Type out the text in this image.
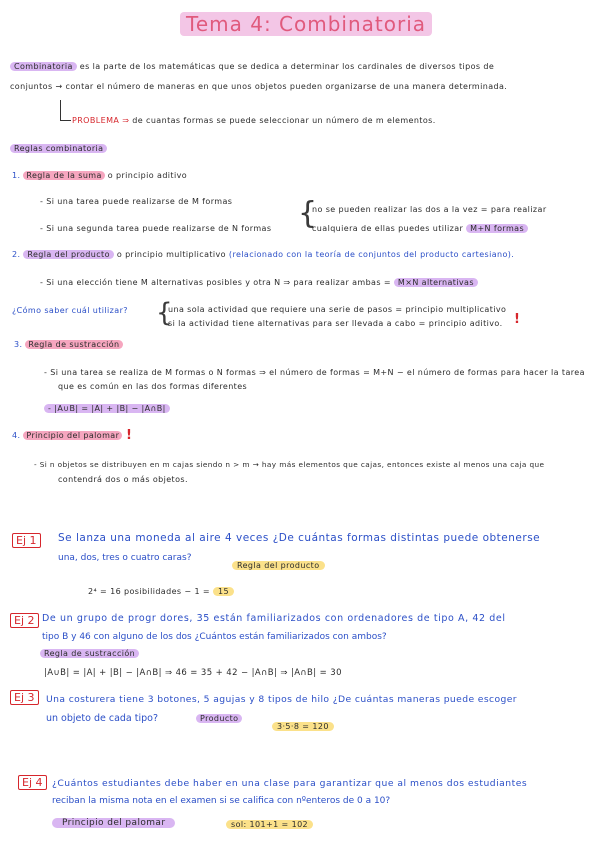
Tema 4: Combinatoria
Combinatoria es la parte de los matemáticas que se dedica a determinar los cardinales de diversos tipos de
conjuntos → contar el número de maneras en que unos objetos pueden organizarse de una manera determinada.
PROBLEMA ⇒ de cuantas formas se puede seleccionar un número de m elementos.
Reglas combinatoria
1. Regla de la suma o principio aditivo
- Si una tarea puede realizarse de M formas
- Si una segunda tarea puede realizarse de N formas {
no se pueden realizar las dos a la vez = para realizar
cualquiera de ellas puedes utilizar M+N formas
2. Regla del producto o principio multiplicativo (relacionado con la teoría de conjuntos del producto cartesiano).
- Si una elección tiene M alternativas posibles y otra N ⇒ para realizar ambas = M×N alternativas
¿Cómo saber cuál utilizar? {
una sola actividad que requiere una serie de pasos = principio multiplicativo
si la actividad tiene alternativas para ser llevada a cabo = principio aditivo. !
3. Regla de sustracción
- Si una tarea se realiza de M formas o N formas ⇒ el número de formas = M+N − el número de formas para hacer la tarea
que es común en las dos formas diferentes
- |A∪B| = |A| + |B| − |A∩B|
4. Principio del palomar !
- Si n objetos se distribuyen en m cajas siendo n > m → hay más elementos que cajas, entonces existe al menos una caja que
contendrá dos o más objetos.
Ej 1	Se lanza una moneda al aire 4 veces ¿De cuántas formas distintas puede obtenerse
una, dos, tres o cuatro caras?
Regla del producto
2⁴ = 16 posibilidades − 1 = 15
Ej 2 De un grupo de progr dores, 35 están familiarizados con ordenadores de tipo A, 42 del
tipo B y 46 con alguno de los dos ¿Cuántos están familiarizados con ambos?
Regla de sustracción
|A∪B| = |A| + |B| − |A∩B| ⇒ 46 = 35 + 42 − |A∩B| ⇒ |A∩B| = 30
Ej 3	Una costurera tiene 3 botones, 5 agujas y 8 tipos de hilo ¿De cuántas maneras puede escoger
un objeto de cada tipo?	Producto
3·5·8 = 120
Ej 4	¿Cuántos estudiantes debe haber en una clase para garantizar que al menos dos estudiantes
reciban la misma nota en el examen si se califica con nºenteros de 0 a 10?
Principio del palomar	sol: 101+1 = 102
